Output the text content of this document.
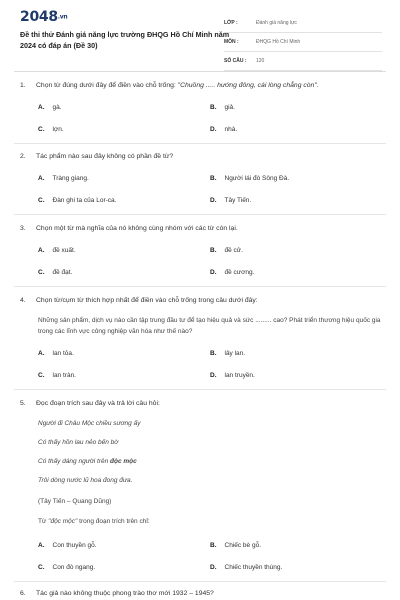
2048.vn
Đề thi thử Đánh giá năng lực trường ĐHQG Hồ Chí Minh năm 2024 có đáp án (Đề 30)
LỚP :	Đánh giá năng lực
MÔN :	ĐHQG Hồ Chí Minh
SỐ CÂU :	120
1. Chọn từ đúng dưới đây để điền vào chỗ trống: "Chuồng ..... hướng đông, cái lòng chẳng còn".
A. gà.	B. giả.
C. lợn.	D. nhà.
2. Tác phẩm nào sau đây không có phần đề từ?
A. Tràng giang.	B. Người lái đò Sông Đà.
C. Đàn ghi ta của Lor-ca.	D. Tây Tiến.
3. Chọn một từ mà nghĩa của nó không cùng nhóm với các từ còn lại.
A. đề xuất.	B. đề cử.
C. đề đạt.	D. đề cương.
4. Chọn từ/cụm từ thích hợp nhất để điền vào chỗ trống trong câu dưới đây:
Những sản phẩm, dịch vụ nào cần tập trung đầu tư để tạo hiệu quả và sức ......... cao? Phát triển thương hiệu quốc gia trong các lĩnh vực công nghiệp văn hóa như thế nào?
A. lan tỏa.	B. lây lan.
C. lan tràn.	D. lan truyền.
5. Đọc đoạn trích sau đây và trả lời câu hỏi:
Người đi Châu Mộc chiều sương ấy
Có thấy hồn lau nẻo bến bờ
Có thấy dáng người trên độc mộc
Trôi dòng nước lũ hoa đong đưa.
(Tây Tiến – Quang Dũng)
Từ "độc mộc" trong đoạn trích trên chỉ:
A. Con thuyền gỗ.	B. Chiếc bè gỗ.
C. Con đò ngang.	D. Chiếc thuyền thúng.
6. Tác giả nào không thuộc phong trào thơ mới 1932 – 1945?
